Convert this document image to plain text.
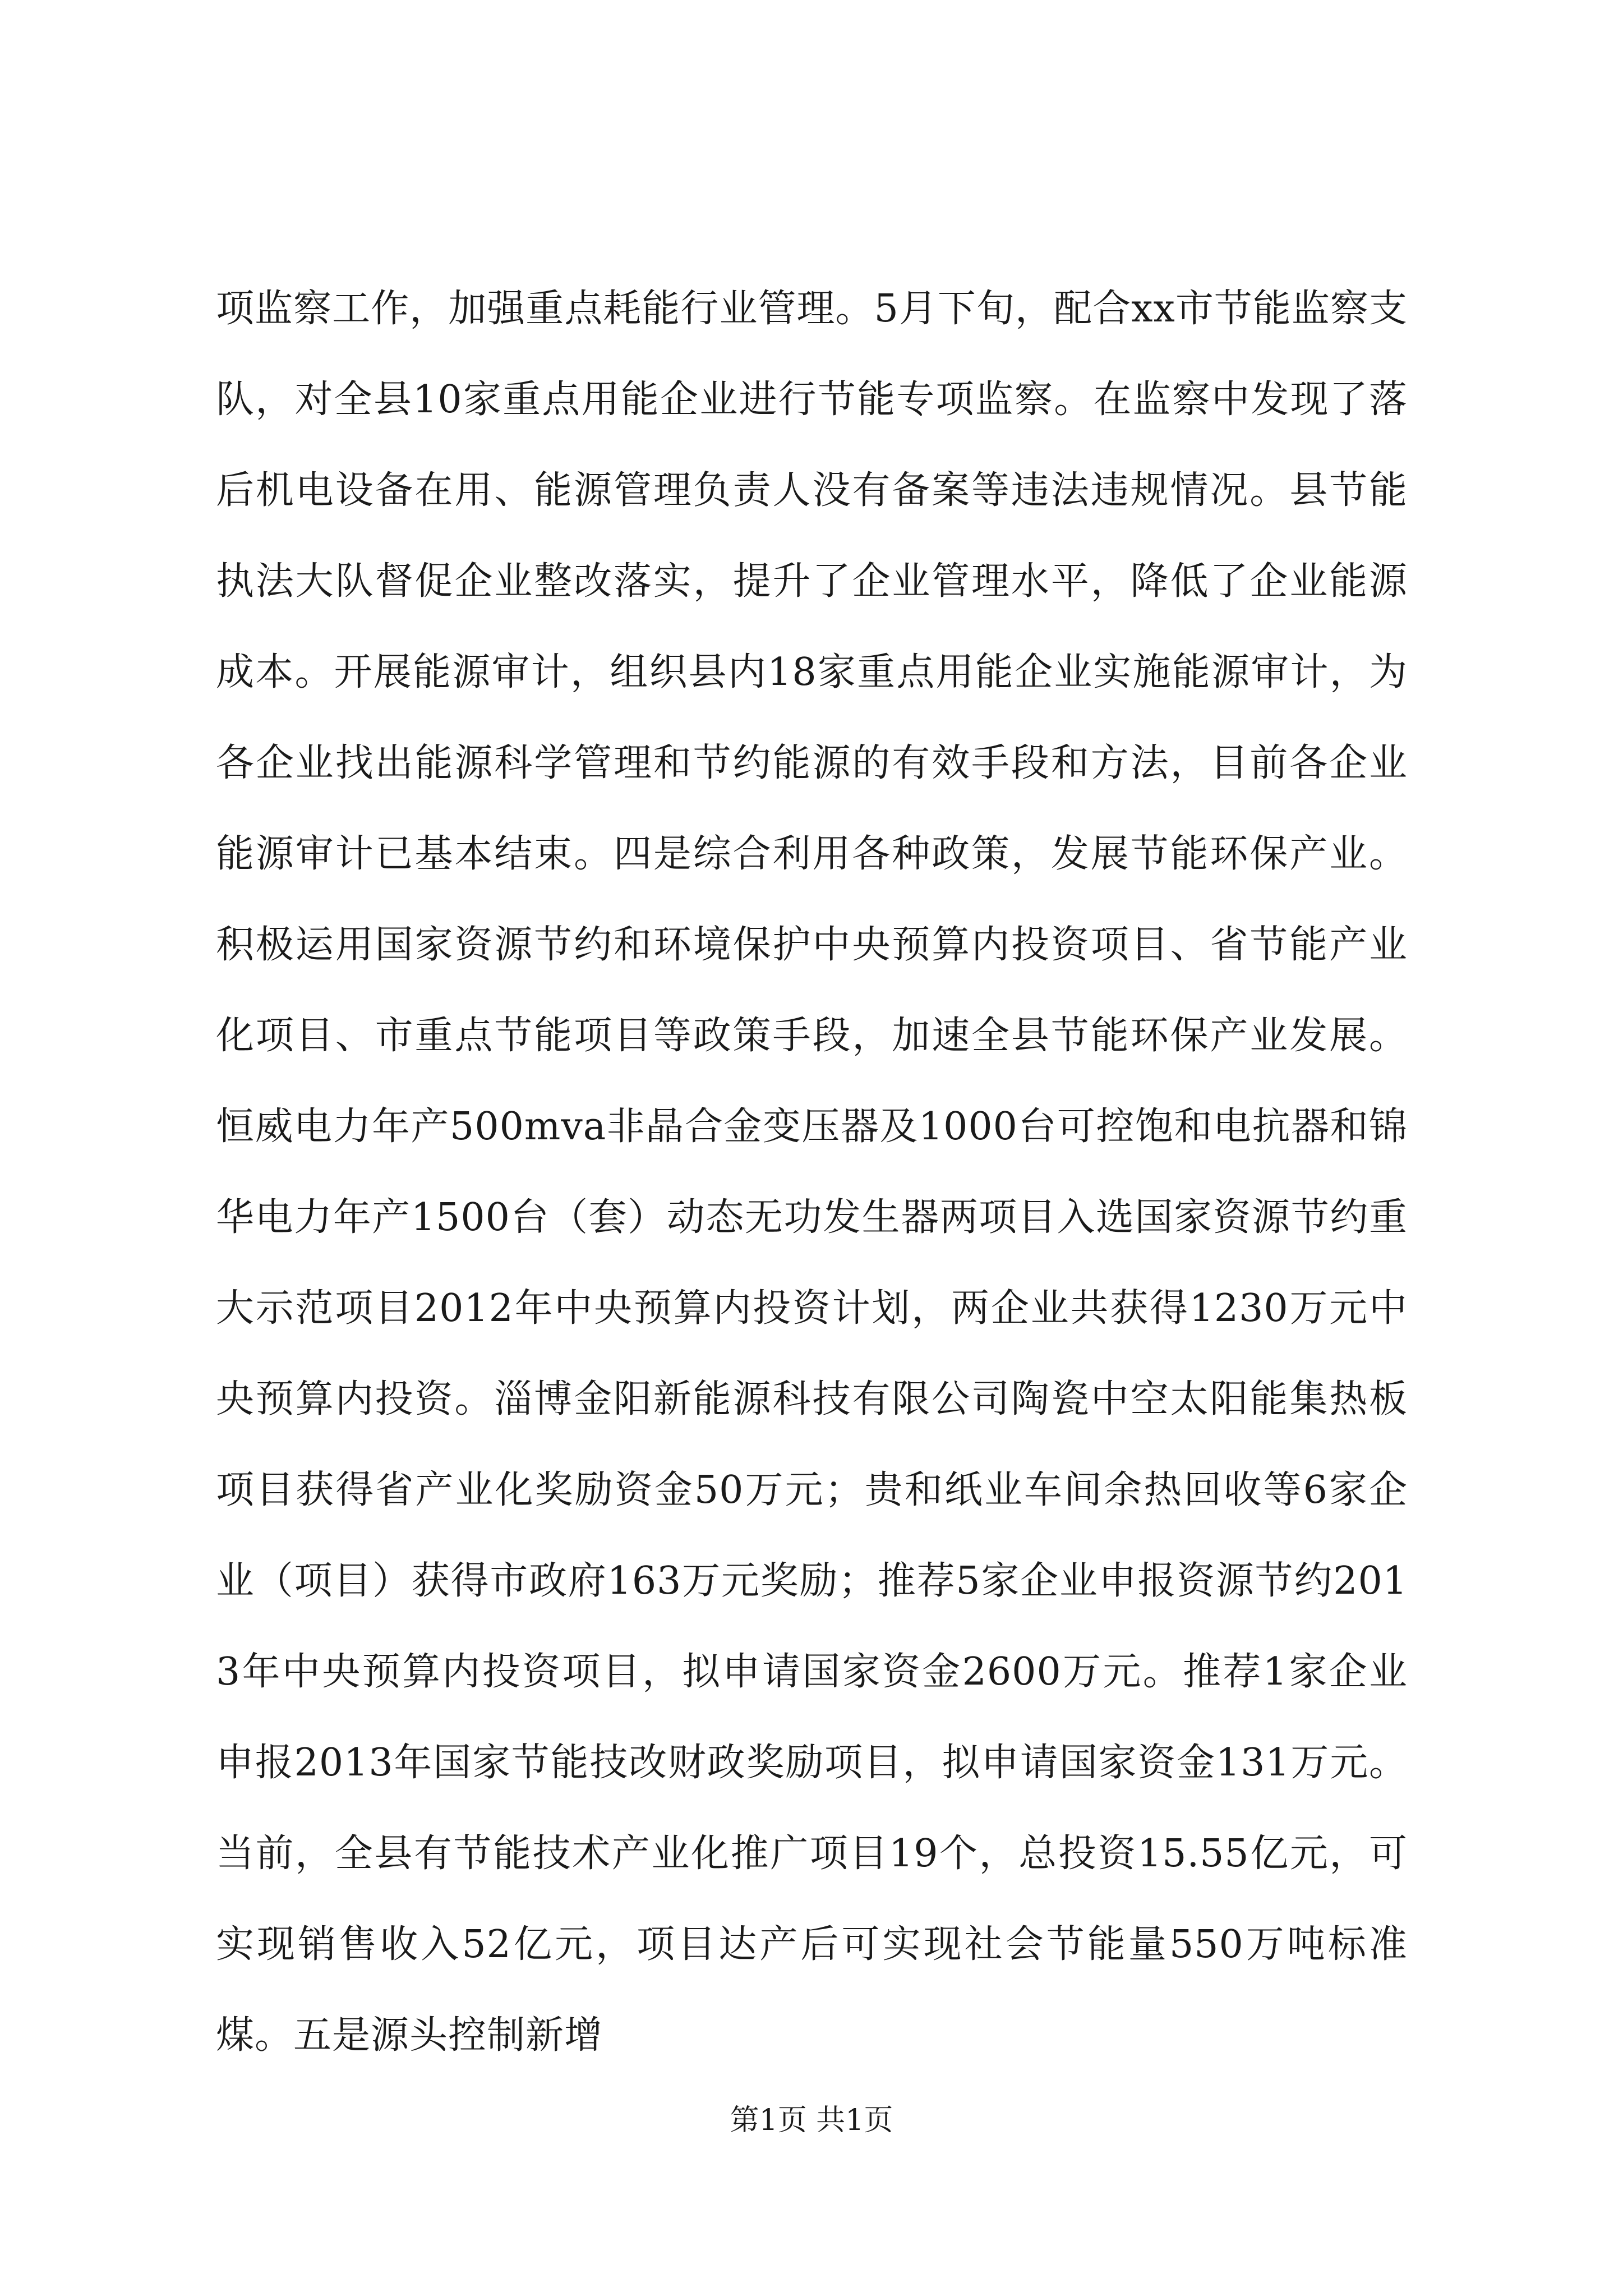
项监察工作，加强重点耗能行业管理。5月下旬，配合xx市节能监察支队，对全县10家重点用能企业进行节能专项监察。在监察中发现了落后机电设备在用、能源管理负责人没有备案等违法违规情况。县节能执法大队督促企业整改落实，提升了企业管理水平，降低了企业能源成本。开展能源审计，组织县内18家重点用能企业实施能源审计，为各企业找出能源科学管理和节约能源的有效手段和方法，目前各企业能源审计已基本结束。四是综合利用各种政策，发展节能环保产业。积极运用国家资源节约和环境保护中央预算内投资项目、省节能产业化项目、市重点节能项目等政策手段，加速全县节能环保产业发展。恒威电力年产500mva非晶合金变压器及1000台可控饱和电抗器和锦华电力年产1500台（套）动态无功发生器两项目入选国家资源节约重大示范项目2012年中央预算内投资计划，两企业共获得1230万元中央预算内投资。淄博金阳新能源科技有限公司陶瓷中空太阳能集热板项目获得省产业化奖励资金50万元；贵和纸业车间余热回收等6家企业（项目）获得市政府163万元奖励；推荐5家企业申报资源节约2013年中央预算内投资项目，拟申请国家资金2600万元。推荐1家企业申报2013年国家节能技改财政奖励项目，拟申请国家资金131万元。当前，全县有节能技术产业化推广项目19个，总投资15.55亿元，可实现销售收入52亿元，项目达产后可实现社会节能量550万吨标准煤。五是源头控制新增

第1页 共1页
